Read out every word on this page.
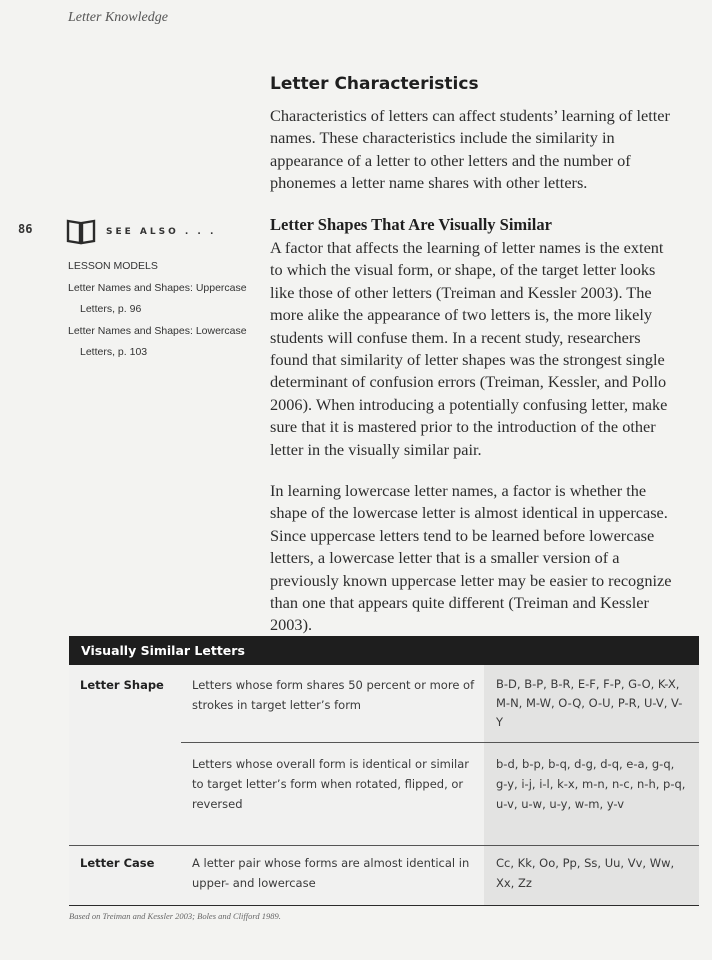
Letter Knowledge
86
Letter Characteristics

Characteristics of letters can affect students’ learning of letter names. These characteristics include the similarity in appearance of a letter to other letters and the number of phonemes a letter name shares with other letters.

Letter Shapes That Are Visually Similar

A factor that affects the learning of letter names is the extent to which the visual form, or shape, of the target letter looks like those of other letters (Treiman and Kessler 2003). The more alike the appearance of two letters is, the more likely students will confuse them. In a recent study, researchers found that similarity of letter shapes was the strongest single determinant of confusion errors (Treiman, Kessler, and Pollo 2006). When introducing a potentially confusing letter, make sure that it is mastered prior to the introduction of the other letter in the visually similar pair.

In learning lowercase letter names, a factor is whether the shape of the lowercase letter is almost identical in uppercase. Since uppercase letters tend to be learned before lowercase letters, a lowercase letter that is a smaller version of a previously known uppercase letter may be easier to recognize than one that appears quite different (Treiman and Kessler 2003).

SEE ALSO . . .
LESSON MODELS
Letter Names and Shapes: Uppercase Letters, p. 96
Letter Names and Shapes: Lowercase Letters, p. 103
Visually Similar Letters
Letter Shape	Letters whose form shares 50 percent or more of strokes in target letter’s form
B-D, B-P, B-R, E-F, F-P, G-O, K-X, M-N, M-W, O-Q, O-U, P-R, U-V, V-Y
Letters whose overall form is identical or similar to target letter’s form when rotated, flipped, or reversed
b-d, b-p, b-q, d-g, d-q, e-a, g-q, g-y, i-j, i-l, k-x, m-n, n-c, n-h, p-q, u-v, u-w, u-y, w-m, y-v
Letter Case	A letter pair whose forms are almost identical in upper- and lowercase
Cc, Kk, Oo, Pp, Ss, Uu, Vv, Ww, Xx, Zz
Based on Treiman and Kessler 2003; Boles and Clifford 1989.
